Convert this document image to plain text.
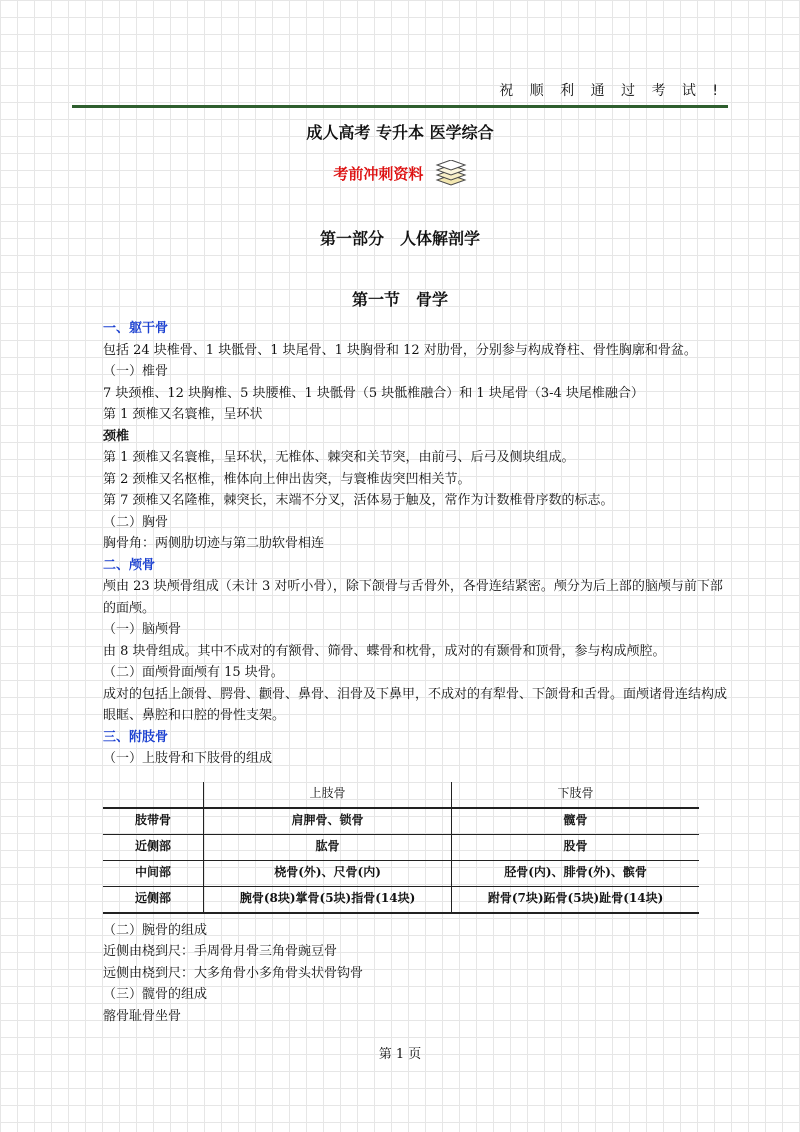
祝 顺 利 通 过 考 试 !
成人高考 专升本 医学综合
考前冲刺资料
第一部分　人体解剖学
第一节　骨学

一、躯干骨

包括 24 块椎骨、1 块骶骨、1 块尾骨、1 块胸骨和 12 对肋骨，分别参与构成脊柱、骨性胸廓和骨盆。

（一）椎骨

7 块颈椎、12 块胸椎、5 块腰椎、1 块骶骨（5 块骶椎融合）和 1 块尾骨（3-4 块尾椎融合）

第 1 颈椎又名寰椎，呈环状

颈椎

第 1 颈椎又名寰椎，呈环状，无椎体、棘突和关节突，由前弓、后弓及侧块组成。

第 2 颈椎又名枢椎，椎体向上伸出齿突，与寰椎齿突凹相关节。

第 7 颈椎又名隆椎，棘突长，末端不分叉，活体易于触及，常作为计数椎骨序数的标志。

（二）胸骨

胸骨角：两侧肋切迹与第二肋软骨相连

二、颅骨

颅由 23 块颅骨组成（未计 3 对听小骨），除下颌骨与舌骨外，各骨连结紧密。颅分为后上部的脑颅与前下部的面颅。

（一）脑颅骨

由 8 块骨组成。其中不成对的有额骨、筛骨、蝶骨和枕骨，成对的有颞骨和顶骨，参与构成颅腔。

（二）面颅骨面颅有 15 块骨。

成对的包括上颌骨、腭骨、颧骨、鼻骨、泪骨及下鼻甲，不成对的有犁骨、下颌骨和舌骨。面颅诸骨连结构成眼眶、鼻腔和口腔的骨性支架。

三、附肢骨

（一）上肢骨和下肢骨的组成

	上肢骨	下肢骨
肢带骨	肩胛骨、锁骨	髋骨
近侧部	肱骨	股骨
中间部	桡骨(外)、尺骨(内)	胫骨(内)、腓骨(外)、髌骨
远侧部	腕骨(8块)掌骨(5块)指骨(14块)	跗骨(7块)跖骨(5块)趾骨(14块)

（二）腕骨的组成

近侧由桡到尺：手周骨月骨三角骨豌豆骨

远侧由桡到尺：大多角骨小多角骨头状骨钩骨

（三）髋骨的组成

髂骨耻骨坐骨

第 1 页
